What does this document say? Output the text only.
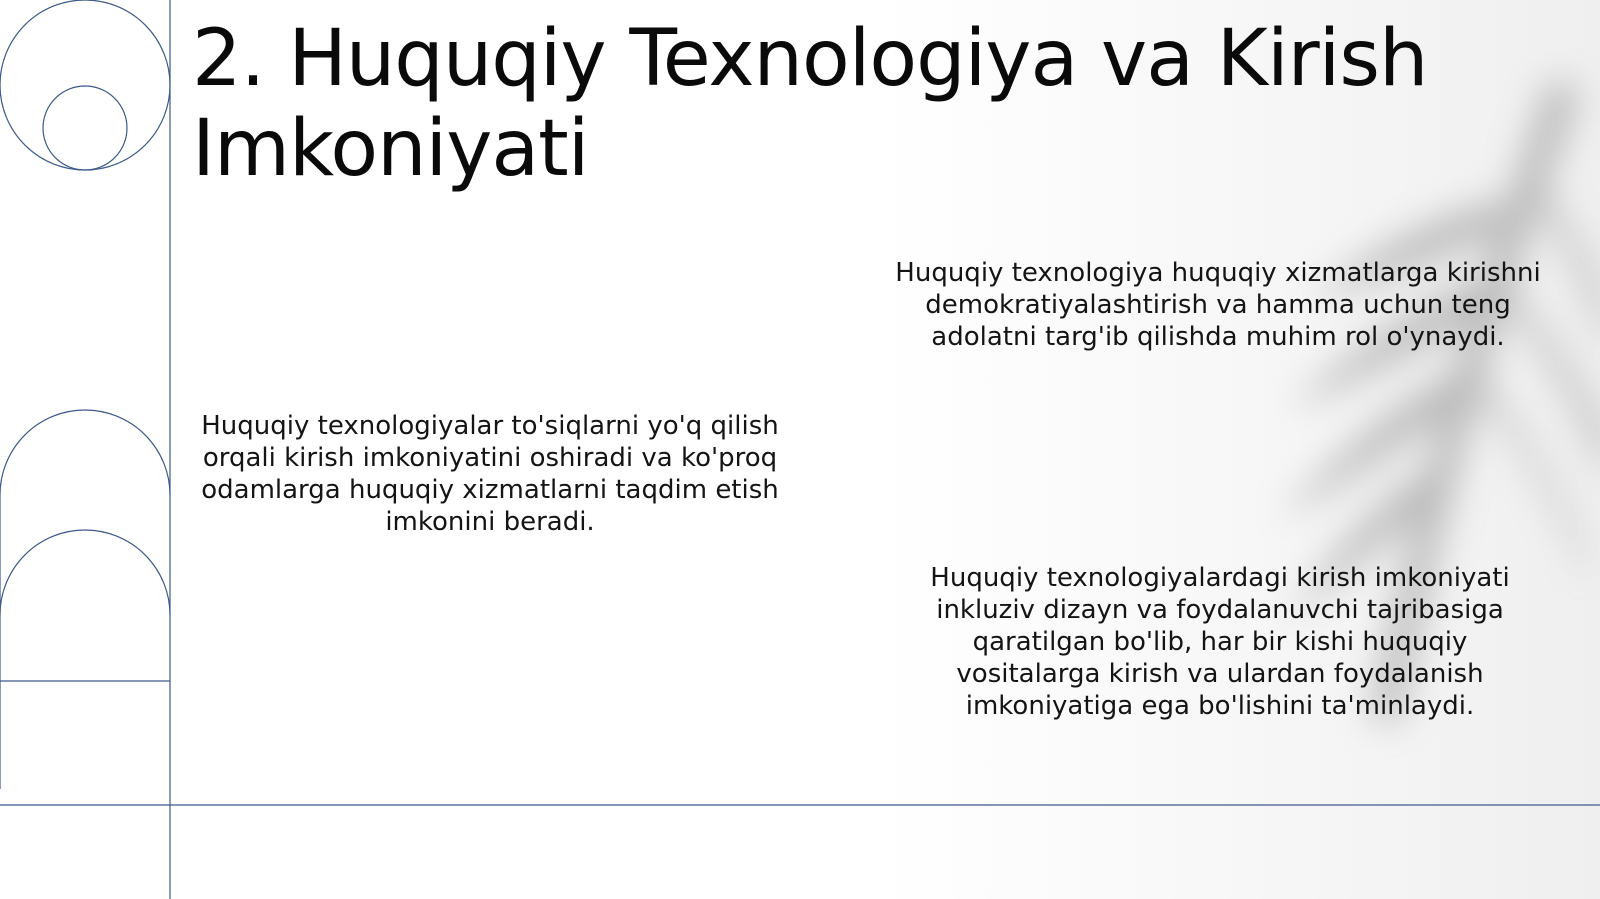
2. Huquqiy Texnologiya va Kirish Imkoniyati

Huquqiy texnologiya huquqiy xizmatlarga kirishni demokratiyalashtirish va hamma uchun teng adolatni targ'ib qilishda muhim rol o'ynaydi.

Huquqiy texnologiyalar to'siqlarni yo'q qilish orqali kirish imkoniyatini oshiradi va ko'proq odamlarga huquqiy xizmatlarni taqdim etish imkonini beradi.

Huquqiy texnologiyalardagi kirish imkoniyati inkluziv dizayn va foydalanuvchi tajribasiga qaratilgan bo'lib, har bir kishi huquqiy vositalarga kirish va ulardan foydalanish imkoniyatiga ega bo'lishini ta'minlaydi.
